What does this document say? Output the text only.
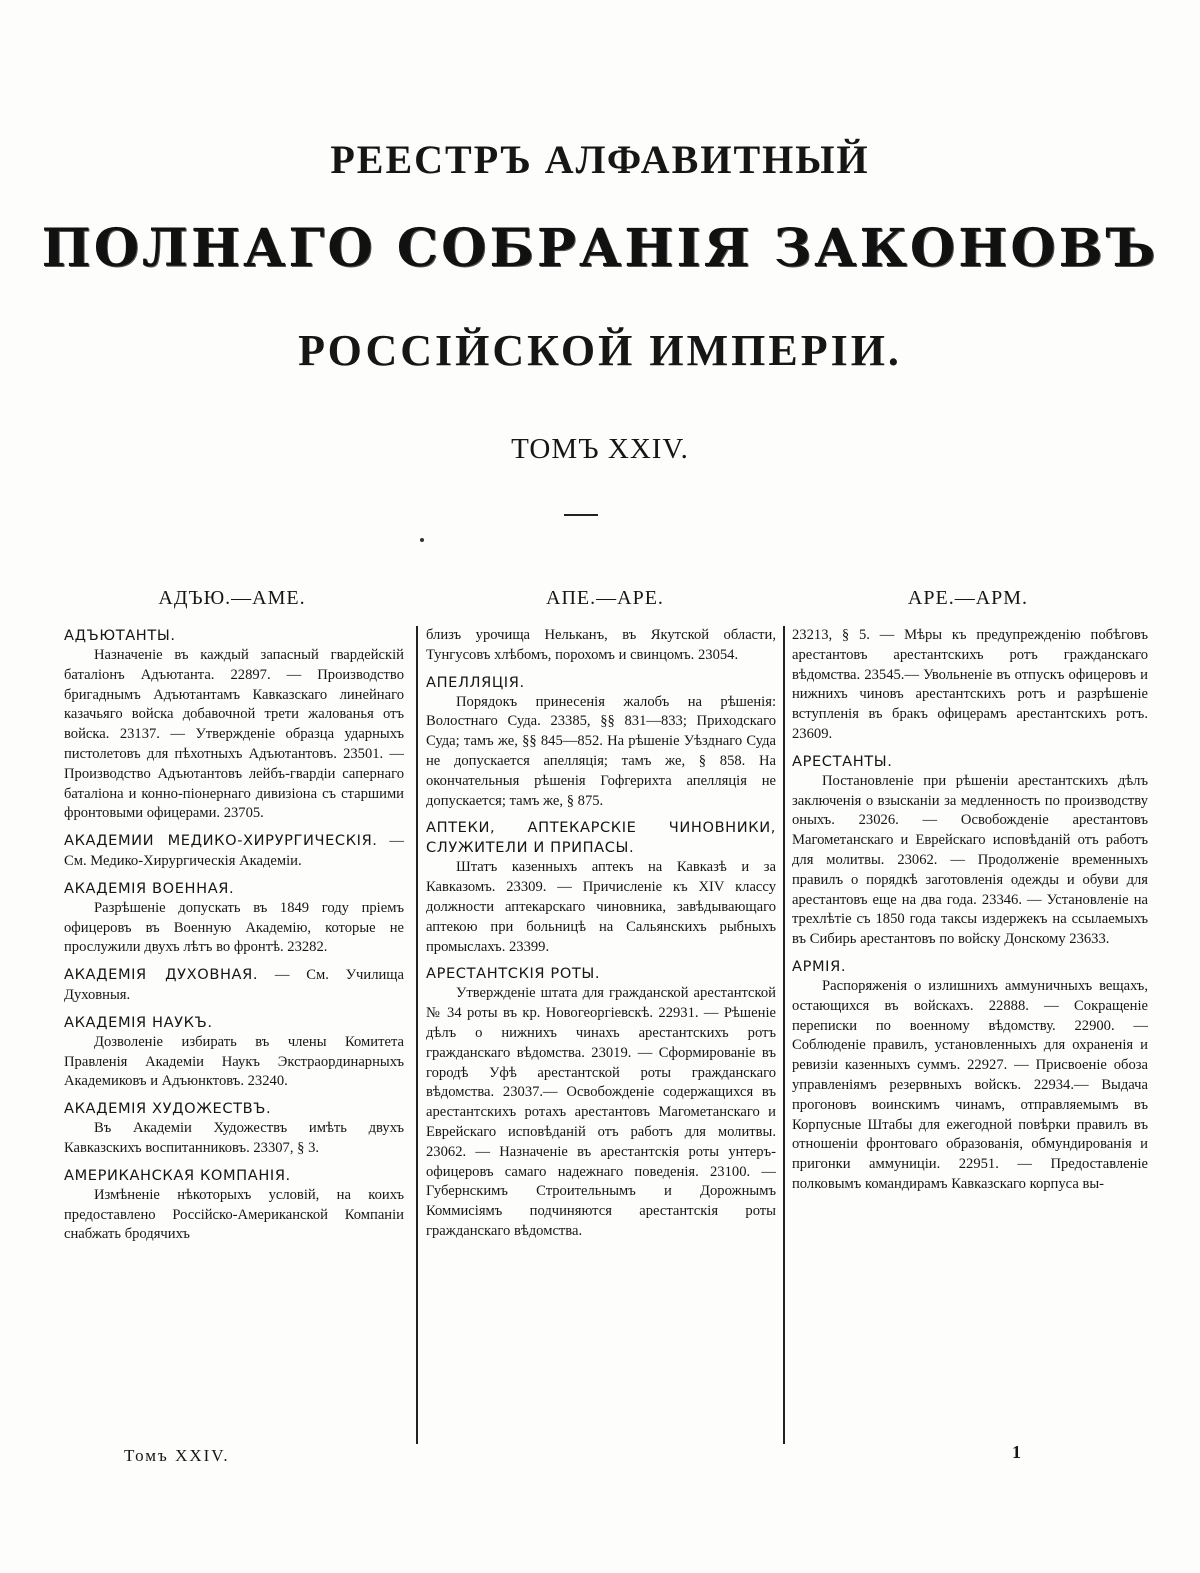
РЕЕСТРЪ АЛФАВИТНЫЙ
ПОЛНАГО СОБРАНІЯ ЗАКОНОВЪ
РОССІЙСКОЙ ИМПЕРІИ.
ТОМЪ XXIV.
АДЪЮ.—АМЕ.	АПЕ.—АРЕ.	АРЕ.—АРМ.
АДЪЮТАНТЫ.
Назначеніе въ каждый запасный гвардейскій баталіонъ Адъютанта. 22897. — Производство бригаднымъ Адъютантамъ Кавказскаго линейнаго казачьяго войска добавочной трети жалованья отъ войска. 23137. — Утвержденіе образца ударныхъ пистолетовъ для пѣхотныхъ Адъютантовъ. 23501. — Производство Адъютантовъ лейбъ-гвардіи сапернаго баталіона и конно-піонернаго дивизіона съ старшими фронтовыми офицерами. 23705.
АКАДЕМИИ МЕДИКО-ХИРУРГИЧЕСКІЯ. —См. Медико-Хирургическія Академіи.
АКАДЕМІЯ ВОЕННАЯ.
Разрѣшеніе допускать въ 1849 году пріемъ офицеровъ въ Военную Академію, которые не прослужили двухъ лѣтъ во фронтѣ. 23282.
АКАДЕМІЯ ДУХОВНАЯ. — См. Училища Духовныя.
АКАДЕМІЯ НАУКЪ.
Дозволеніе избирать въ члены Комитета Правленія Академіи Наукъ Экстраординарныхъ Академиковъ и Адъюнктовъ. 23240.
АКАДЕМІЯ ХУДОЖЕСТВЪ.
Въ Академіи Художествъ имѣть двухъ Кавказскихъ воспитанниковъ. 23307, § 3.
АМЕРИКАНСКАЯ КОМПАНІЯ.
Измѣненіе нѣкоторыхъ условій, на коихъ предоставлено Россійско-Американской Компаніи снабжать бродячихъ
близъ урочища Нельканъ, въ Якутской области, Тунгусовъ хлѣбомъ, порохомъ и свинцомъ. 23054.
АПЕЛЛЯЦІЯ.
Порядокъ принесенія жалобъ на рѣшенія: Волостнаго Суда. 23385, §§ 831—833; Приходскаго Суда; тамъ же, §§ 845—852. На рѣшеніе Уѣзднаго Суда не допускается апелляція; тамъ же, § 858. На окончательныя рѣшенія Гофгерихта апелляція не допускается; тамъ же, § 875.
АПТЕКИ, АПТЕКАРСКІЕ ЧИНОВНИКИ, СЛУЖИТЕЛИ И ПРИПАСЫ.
Штатъ казенныхъ аптекъ на Кавказѣ и за Кавказомъ. 23309. — Причисленіе къ XIV классу должности аптекарскаго чиновника, завѣдывающаго аптекою при больницѣ на Сальянскихъ рыбныхъ промыслахъ. 23399.
АРЕСТАНТСКІЯ РОТЫ.
Утвержденіе штата для гражданской арестантской № 34 роты въ кр. Новогеоргіевскѣ. 22931. — Рѣшеніе дѣлъ о нижнихъ чинахъ арестантскихъ ротъ гражданскаго вѣдомства. 23019. — Сформированіе въ городѣ Уфѣ арестантской роты гражданскаго вѣдомства. 23037.— Освобожденіе содержащихся въ арестантскихъ ротахъ арестантовъ Магометанскаго и Еврейскаго исповѣданій отъ работъ для молитвы. 23062. — Назначеніе въ арестантскія роты унтеръ-офицеровъ самаго надежнаго поведенія. 23100. —Губернскимъ Строительнымъ и Дорожнымъ Коммисіямъ подчиняются арестантскія роты гражданскаго вѣдомства.
23213, § 5. — Мѣры къ предупрежденію побѣговъ арестантовъ арестантскихъ ротъ гражданскаго вѣдомства. 23545.— Увольненіе въ отпускъ офицеровъ и нижнихъ чиновъ арестантскихъ ротъ и разрѣшеніе вступленія въ бракъ офицерамъ арестантскихъ ротъ. 23609.
АРЕСТАНТЫ.
Постановленіе при рѣшеніи арестантскихъ дѣлъ заключенія о взысканіи за медленность по производству оныхъ. 23026. — Освобожденіе арестантовъ Магометанскаго и Еврейскаго исповѣданій отъ работъ для молитвы. 23062. — Продолженіе временныхъ правилъ о порядкѣ заготовленія одежды и обуви для арестантовъ еще на два года. 23346. — Установленіе на трехлѣтіе съ 1850 года таксы издержекъ на ссылаемыхъ въ Сибирь арестантовъ по войску Донскому 23633.
АРМІЯ.
Распоряженія о излишнихъ аммуничныхъ вещахъ, остающихся въ войскахъ. 22888. — Сокращеніе переписки по военному вѣдомству. 22900. — Соблюденіе правилъ, установленныхъ для охраненія и ревизіи казенныхъ суммъ. 22927. — Присвоеніе обоза управленіямъ резервныхъ войскъ. 22934.— Выдача прогоновъ воинскимъ чинамъ, отправляемымъ въ Корпусные Штабы для ежегодной повѣрки правилъ въ отношеніи фронтоваго образованія, обмундированія и пригонки аммуниціи. 22951. — Предоставленіе полковымъ командирамъ Кавказскаго корпуса вы-
Томъ XXIV.	1
